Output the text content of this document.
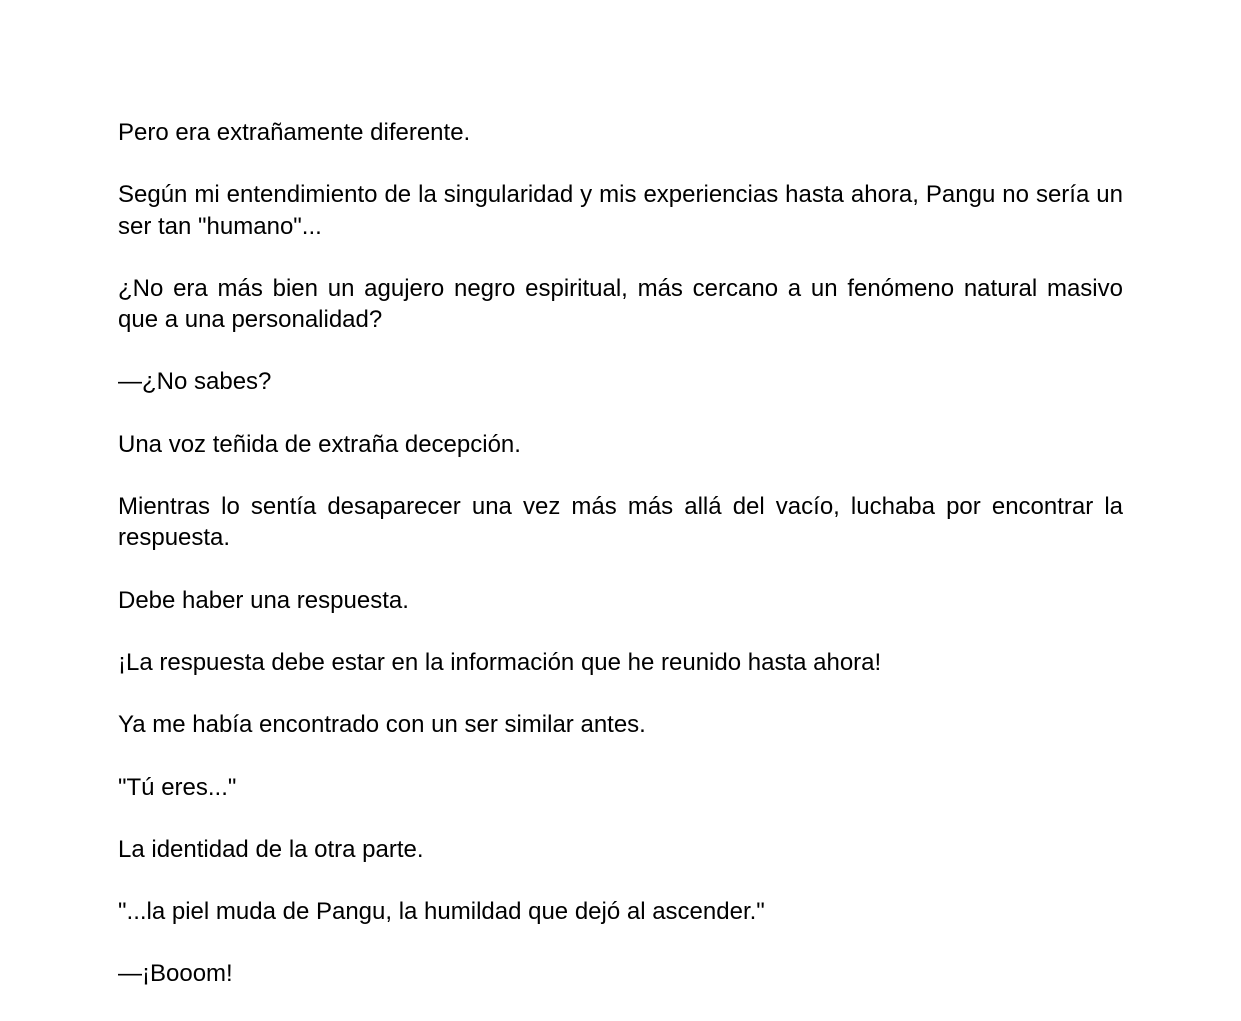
Pero era extrañamente diferente.

Según mi entendimiento de la singularidad y mis experiencias hasta ahora, Pangu no sería un ser tan "humano"...

¿No era más bien un agujero negro espiritual, más cercano a un fenómeno natural masivo que a una personalidad?

—¿No sabes?

Una voz teñida de extraña decepción.

Mientras lo sentía desaparecer una vez más más allá del vacío, luchaba por encontrar la respuesta.

Debe haber una respuesta.

¡La respuesta debe estar en la información que he reunido hasta ahora!

Ya me había encontrado con un ser similar antes.

"Tú eres..."

La identidad de la otra parte.

"...la piel muda de Pangu, la humildad que dejó al ascender."

—¡Booom!
